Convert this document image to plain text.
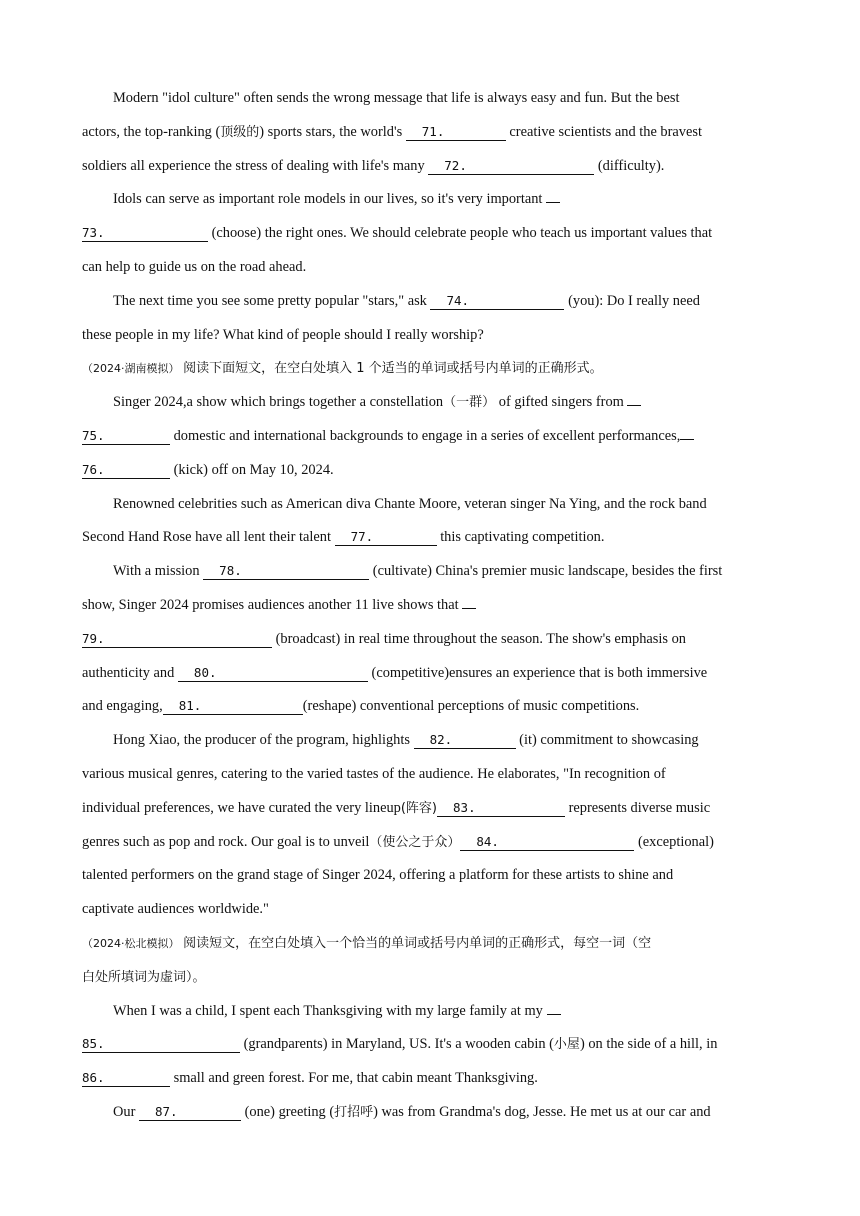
Modern "idol culture" often sends the wrong message that life is always easy and fun. But the best
actors, the top-ranking (顶级的) sports stars, the world's 71.	creative scientists and the bravest
soldiers all experience the stress of dealing with life's many 72.	(difficulty).
Idols can serve as important role models in our lives, so it's very important
73.	(choose) the right ones. We should celebrate people who teach us important values that
can help to guide us on the road ahead.
The next time you see some pretty popular "stars," ask 74.	(you): Do I really need
these people in my life? What kind of people should I really worship?
（2024·湖南模拟） 阅读下面短文，在空白处填入 1 个适当的单词或括号内单词的正确形式。
Singer 2024,a show which brings together a constellation（一群） of gifted singers from
75.	domestic and international backgrounds to engage in a series of excellent performances,
76.	(kick) off on May 10, 2024.
Renowned celebrities such as American diva Chante Moore, veteran singer Na Ying, and the rock band
Second Hand Rose have all lent their talent 77.	this captivating competition.
With a mission 78.	(cultivate) China's premier music landscape, besides the first
show, Singer 2024 promises audiences another 11 live shows that
79.	(broadcast) in real time throughout the season. The show's emphasis on
authenticity and 80.	(competitive)ensures an experience that is both immersive
and engaging, 81.	(reshape) conventional perceptions of music competitions.
Hong Xiao, the producer of the program, highlights 82.	(it) commitment to showcasing
various musical genres, catering to the varied tastes of the audience. He elaborates, "In recognition of
individual preferences, we have curated the very lineup(阵容) 83.	represents diverse music
genres such as pop and rock. Our goal is to unveil（使公之于众） 84.	(exceptional)
talented performers on the grand stage of Singer 2024, offering a platform for these artists to shine and
captivate audiences worldwide."
（2024·松北模拟） 阅读短文，在空白处填入一个恰当的单词或括号内单词的正确形式，每空一词（空
白处所填词为虚词）。
When I was a child, I spent each Thanksgiving with my large family at my
85.	(grandparents) in Maryland, US. It's a wooden cabin (小屋) on the side of a hill, in
86.	small and green forest. For me, that cabin meant Thanksgiving.
Our 87.	(one) greeting (打招呼) was from Grandma's dog, Jesse. He met us at our car and
